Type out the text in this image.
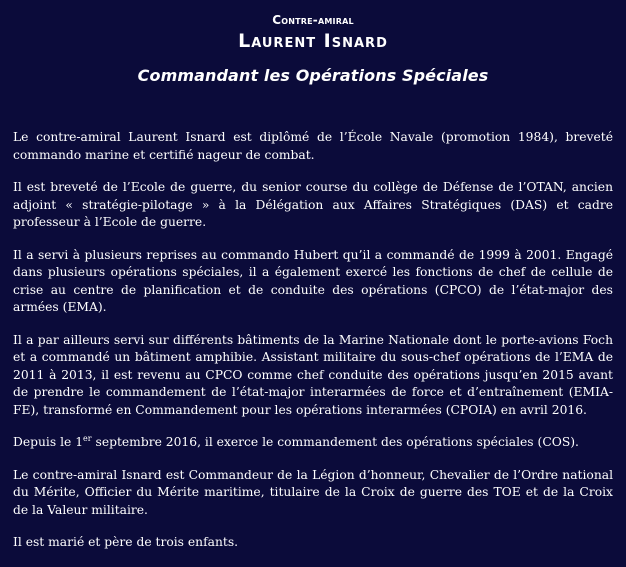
Contre-amiral
Laurent Isnard
Commandant les Opérations Spéciales

Le contre-amiral Laurent Isnard est diplômé de l’École Navale (promotion 1984), breveté commando marine et certifié nageur de combat.

Il est breveté de l’Ecole de guerre, du senior course du collège de Défense de l’OTAN, ancien adjoint « stratégie-pilotage » à la Délégation aux Affaires Stratégiques (DAS) et cadre professeur à l’Ecole de guerre.

Il a servi à plusieurs reprises au commando Hubert qu’il a commandé de 1999 à 2001. Engagé dans plusieurs opérations spéciales, il a également exercé les fonctions de chef de cellule de crise au centre de planification et de conduite des opérations (CPCO) de l’état-major des armées (EMA).

Il a par ailleurs servi sur différents bâtiments de la Marine Nationale dont le porte-avions Foch et a commandé un bâtiment amphibie. Assistant militaire du sous-chef opérations de l’EMA de 2011 à 2013, il est revenu au CPCO comme chef conduite des opérations jusqu’en 2015 avant de prendre le commandement de l’état-major interarmées de force et d’entraînement (EMIA-FE), transformé en Commandement pour les opérations interarmées (CPOIA) en avril 2016.

Depuis le 1er septembre 2016, il exerce le commandement des opérations spéciales (COS).

Le contre-amiral Isnard est Commandeur de la Légion d’honneur, Chevalier de l’Ordre national du Mérite, Officier du Mérite maritime, titulaire de la Croix de guerre des TOE et de la Croix de la Valeur militaire.

Il est marié et père de trois enfants.
